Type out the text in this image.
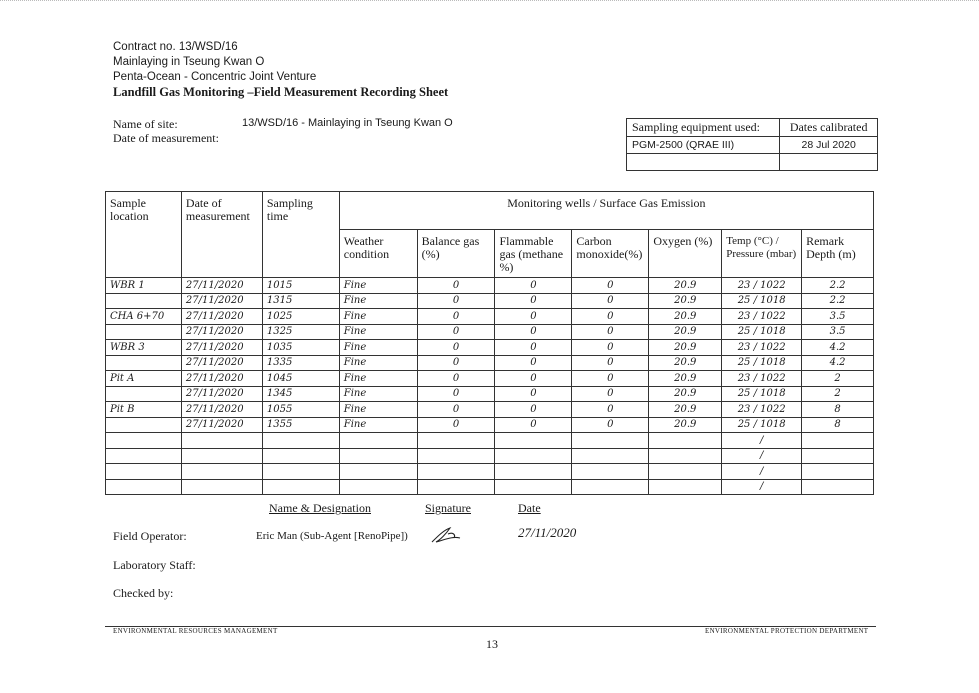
Contract no. 13/WSD/16
Mainlaying in Tseung Kwan O
Penta-Ocean - Concentric Joint Venture
Landfill Gas Monitoring –Field Measurement Recording Sheet
Name of site:
Date of measurement:
13/WSD/16 - Mainlaying in Tseung Kwan O	Sampling equipment used:	Dates calibrated
PGM-2500 (QRAE III)	28 Jul 2020

Sample location	Date of measurement	Sampling time	Monitoring wells / Surface Gas Emission						
			Weather condition	Balance gas (%)	Flammable gas (methane %)	Carbon monoxide(%)	Oxygen (%)	Temp (°C) / Pressure (mbar)	Remark Depth (m)
WBR 1	27/11/2020	1015	Fine	0	0	0	20.9	23 / 1022	2.2
	27/11/2020	1315	Fine	0	0	0	20.9	25 / 1018	2.2
CHA 6+70	27/11/2020	1025	Fine	0	0	0	20.9	23 / 1022	3.5
	27/11/2020	1325	Fine	0	0	0	20.9	25 / 1018	3.5
WBR 3	27/11/2020	1035	Fine	0	0	0	20.9	23 / 1022	4.2
	27/11/2020	1335	Fine	0	0	0	20.9	25 / 1018	4.2
Pit A	27/11/2020	1045	Fine	0	0	0	20.9	23 / 1022	2
	27/11/2020	1345	Fine	0	0	0	20.9	25 / 1018	2
Pit B	27/11/2020	1055	Fine	0	0	0	20.9	23 / 1022	8
	27/11/2020	1355	Fine	0	0	0	20.9	25 / 1018	8
								/	
								/	
								/	
								/	
Name & Designation	Signature	Date
Field Operator:	Eric Man (Sub-Agent [RenoPipe])	27/11/2020
Laboratory Staff:
Checked by:
ENVIRONMENTAL RESOURCES MANAGEMENT	ENVIRONMENTAL PROTECTION DEPARTMENT
13
